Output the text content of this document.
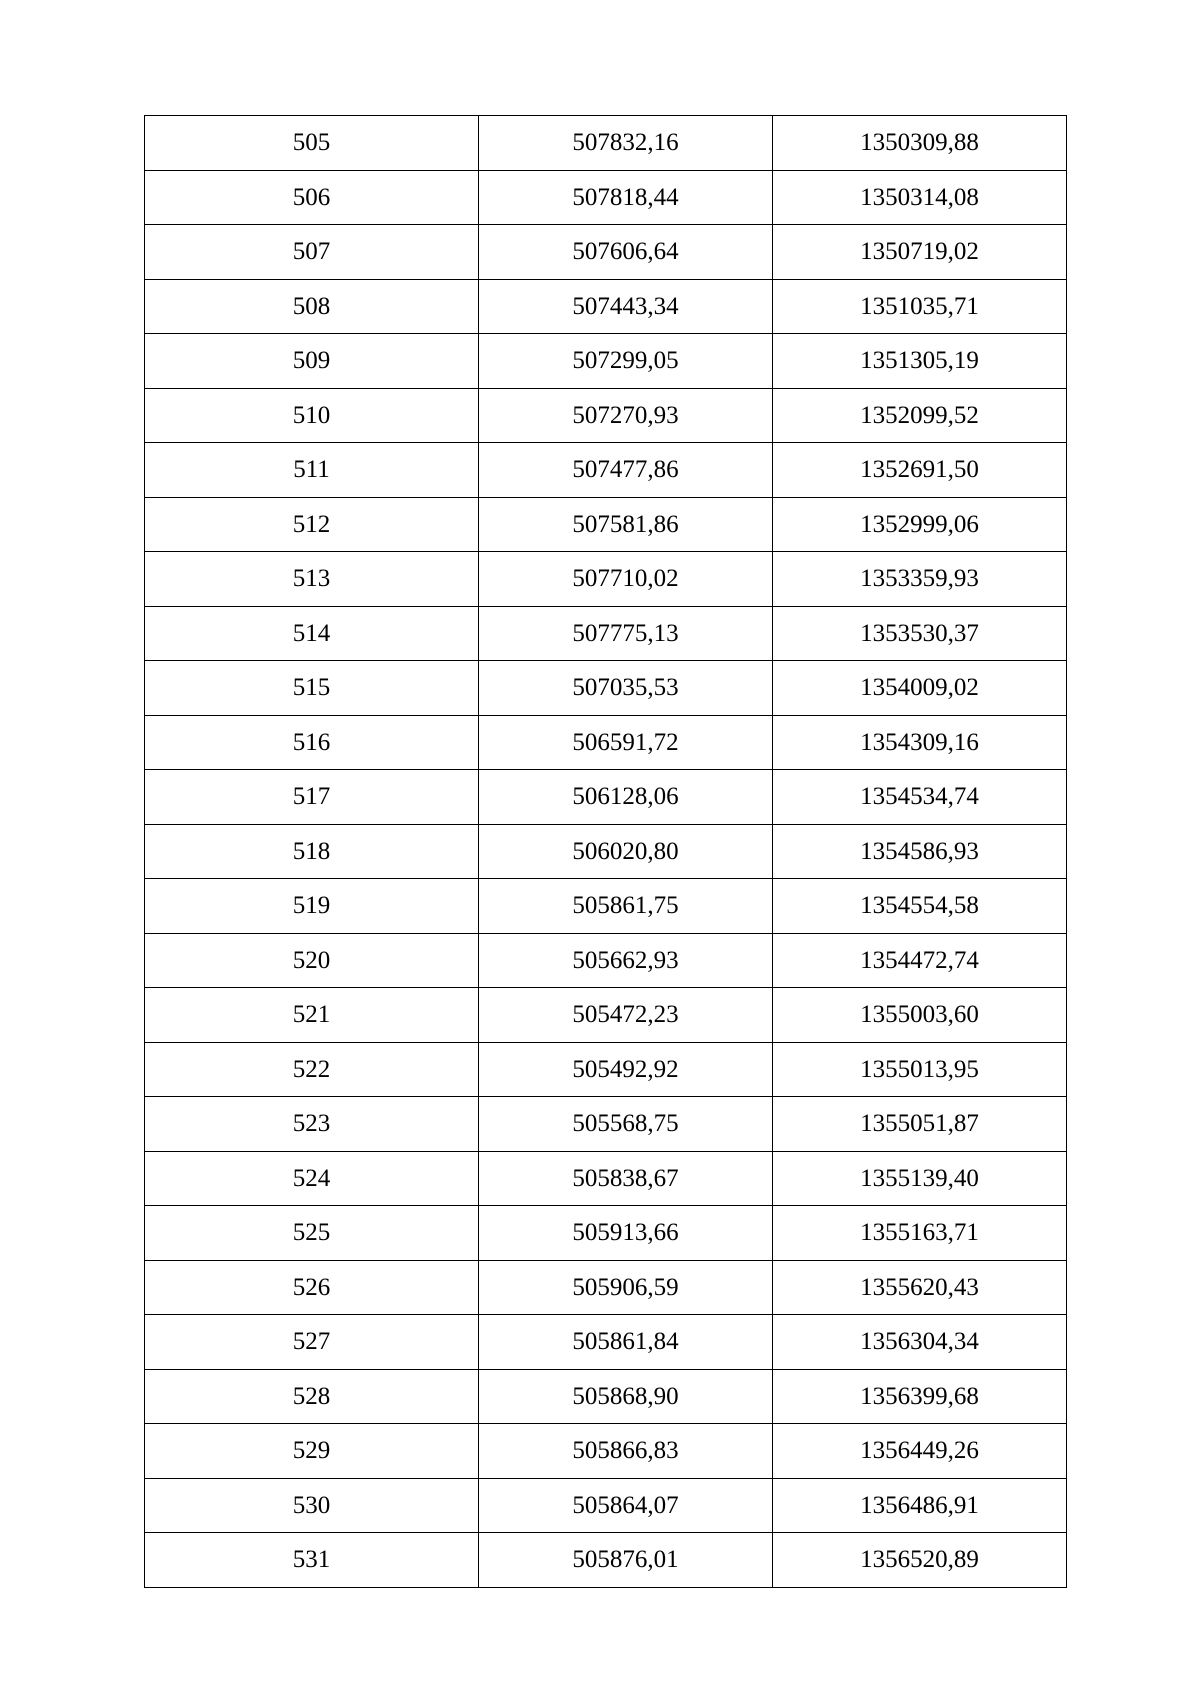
505	507832,16	1350309,88
506	507818,44	1350314,08
507	507606,64	1350719,02
508	507443,34	1351035,71
509	507299,05	1351305,19
510	507270,93	1352099,52
511	507477,86	1352691,50
512	507581,86	1352999,06
513	507710,02	1353359,93
514	507775,13	1353530,37
515	507035,53	1354009,02
516	506591,72	1354309,16
517	506128,06	1354534,74
518	506020,80	1354586,93
519	505861,75	1354554,58
520	505662,93	1354472,74
521	505472,23	1355003,60
522	505492,92	1355013,95
523	505568,75	1355051,87
524	505838,67	1355139,40
525	505913,66	1355163,71
526	505906,59	1355620,43
527	505861,84	1356304,34
528	505868,90	1356399,68
529	505866,83	1356449,26
530	505864,07	1356486,91
531	505876,01	1356520,89
